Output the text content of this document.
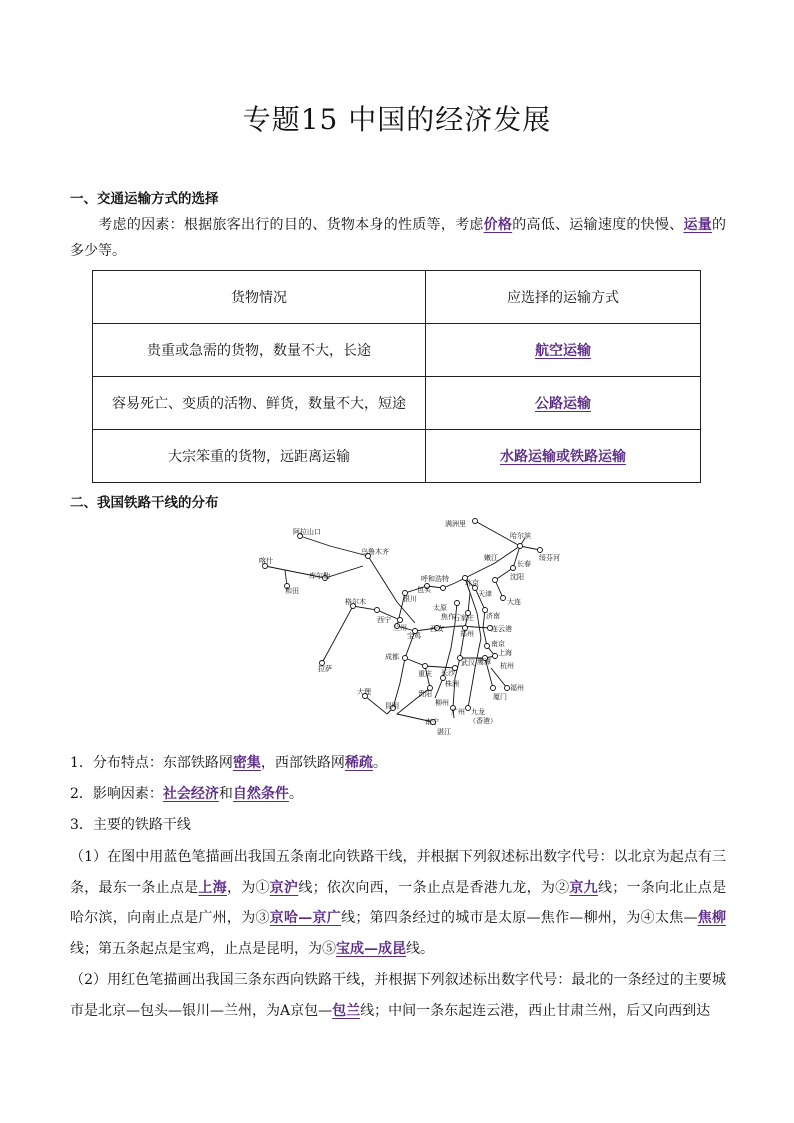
专题15 中国的经济发展
一、交通运输方式的选择
考虑的因素：根据旅客出行的目的、货物本身的性质等，考虑价格的高低、运输速度的快慢、运量的多少等。
货物情况	应选择的运输方式
贵重或急需的货物，数量不大，长途	航空运输
容易死亡、变质的活物、鲜货，数量不大，短途	公路运输
大宗笨重的货物，远距离运输	水路运输或铁路运输
二、我国铁路干线的分布
阿拉山口
乌鲁木齐
喀什
和田
库尔勒
格尔木
拉萨
西宁
兰州
银川
包头
呼和浩特 北京
天津
太原
焦作
石家庄 济南
西安
郑州
连云港
南京
上海
杭州
宝鸡
成都
重庆
武汉
长沙
株洲
鹰潭
福州
厦门
贵阳
昆明
大理
柳州
南宁
湛江
广州 九龙
（香港）
满洲里
哈尔滨
绥芬河
长春
沈阳
大连
嫩江
1．分布特点：东部铁路网密集，西部铁路网稀疏。
2．影响因素：社会经济和自然条件。
3．主要的铁路干线
（1）在图中用蓝色笔描画出我国五条南北向铁路干线，并根据下列叙述标出数字代号：以北京为起点有三条，最东一条止点是上海，为①京沪线；依次向西，一条止点是香港九龙，为②京九线；一条向北止点是哈尔滨，向南止点是广州，为③京哈—京广线；第四条经过的城市是太原—焦作—柳州，为④太焦—焦柳线；第五条起点是宝鸡，止点是昆明，为⑤宝成—成昆线。
（2）用红色笔描画出我国三条东西向铁路干线，并根据下列叙述标出数字代号：最北的一条经过的主要城市是北京—包头—银川—兰州，为A京包—包兰线；中间一条东起连云港，西止甘肃兰州，后又向西到达
